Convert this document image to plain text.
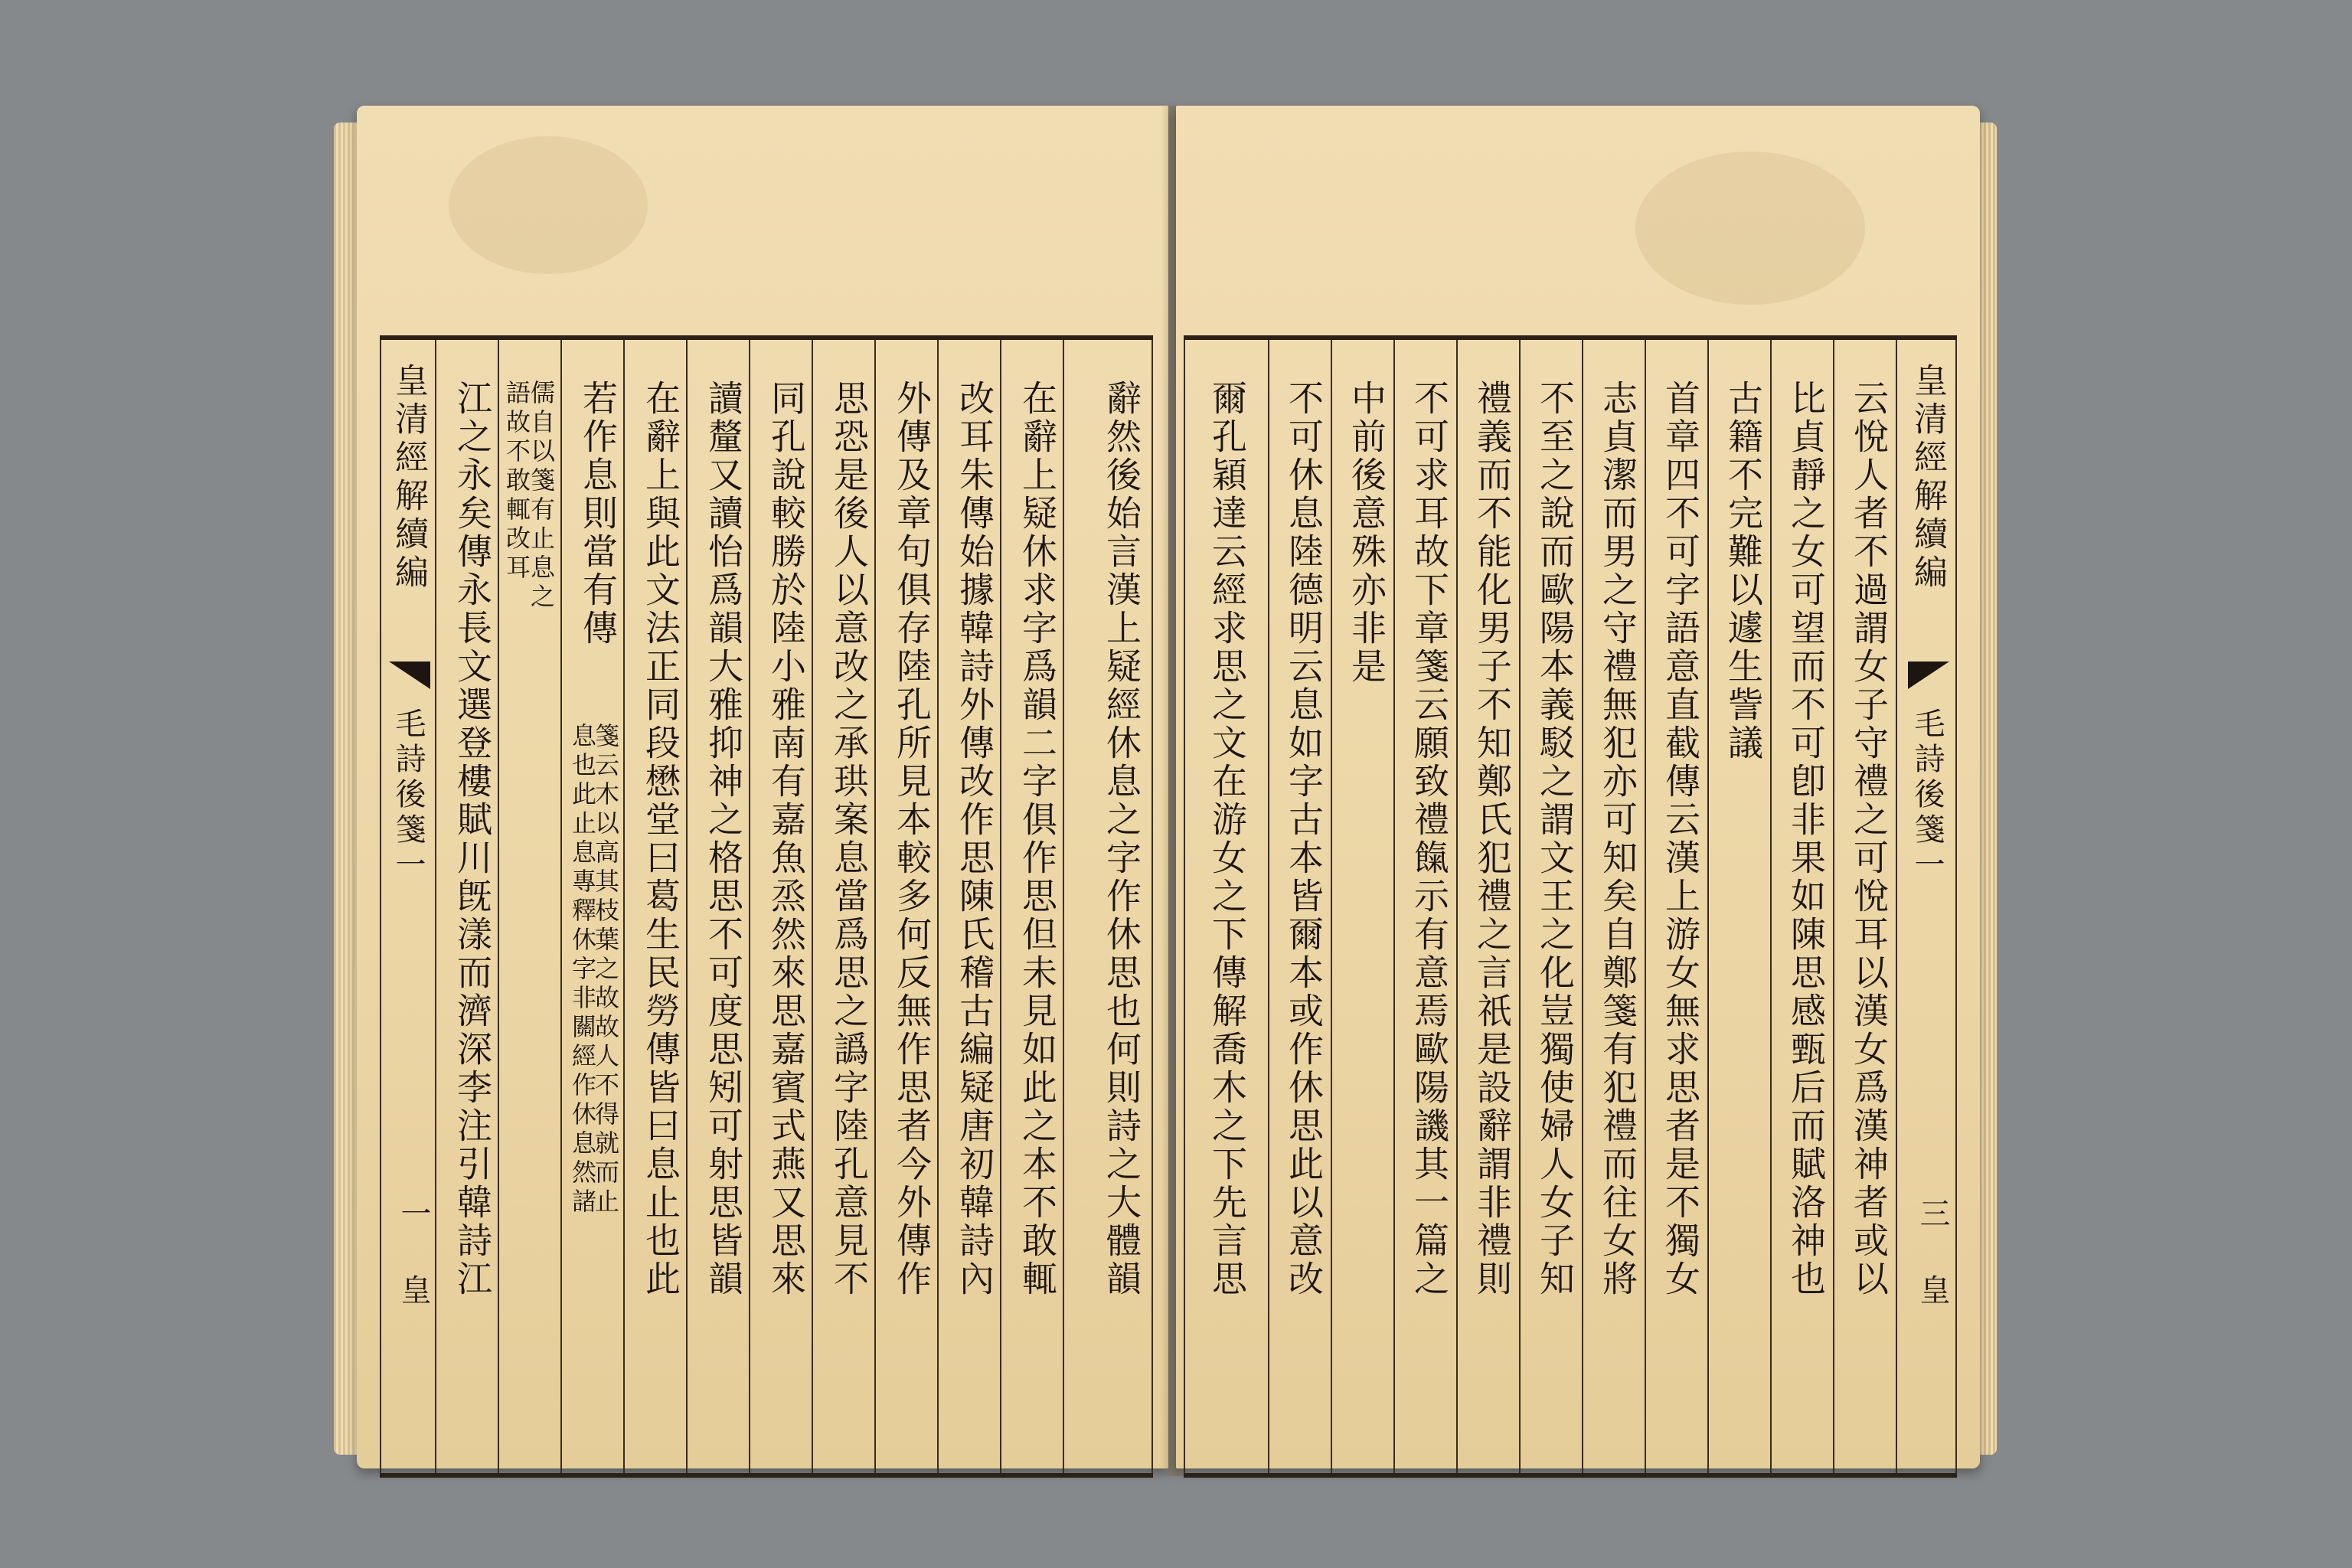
辭然後始言漢上疑經休息之字作休思也何則詩之大體韻
在辭上疑休求字爲韻二字俱作思但未見如此之本不敢輒
改耳朱傳始據韓詩外傳改作思陳氏稽古編疑唐初韓詩內
外傳及章句俱存陸孔所見本較多何反無作思者今外傳作
思恐是後人以意改之承珙案息當爲思之譌字陸孔意見不
同孔說較勝於陸小雅南有嘉魚烝然來思嘉賓式燕又思來
讀釐又讀怡爲韻大雅抑神之格思不可度思矧可射思皆韻
在辭上與此文法正同段懋堂曰葛生民勞傳皆曰息止也此
若作息則當有傳
箋云木以高其枝葉之故故人不得就而止
息也此止息專釋休字非關經作休息然諸
儒自以箋有止息之
語故不敢輒改耳
江之永矣傳永長文選登樓賦川旣漾而濟深李注引韓詩江
皇清經解續編
毛詩後箋一
一
皇
皇清經解續編
毛詩後箋一
三
皇
云悅人者不過謂女子守禮之可悅耳以漢女爲漢神者或以
比貞靜之女可望而不可卽非果如陳思感甄后而賦洛神也
古籍不完難以遽生訾議
首章四不可字語意直截傳云漢上游女無求思者是不獨女
志貞潔而男之守禮無犯亦可知矣自鄭箋有犯禮而往女將
不至之說而歐陽本義駁之謂文王之化豈獨使婦人女子知
禮義而不能化男子不知鄭氏犯禮之言祇是設辭謂非禮則
不可求耳故下章箋云願致禮餼示有意焉歐陽譏其一篇之
中前後意殊亦非是
不可休息陸德明云息如字古本皆爾本或作休思此以意改
爾孔穎達云經求思之文在游女之下傳解喬木之下先言思
